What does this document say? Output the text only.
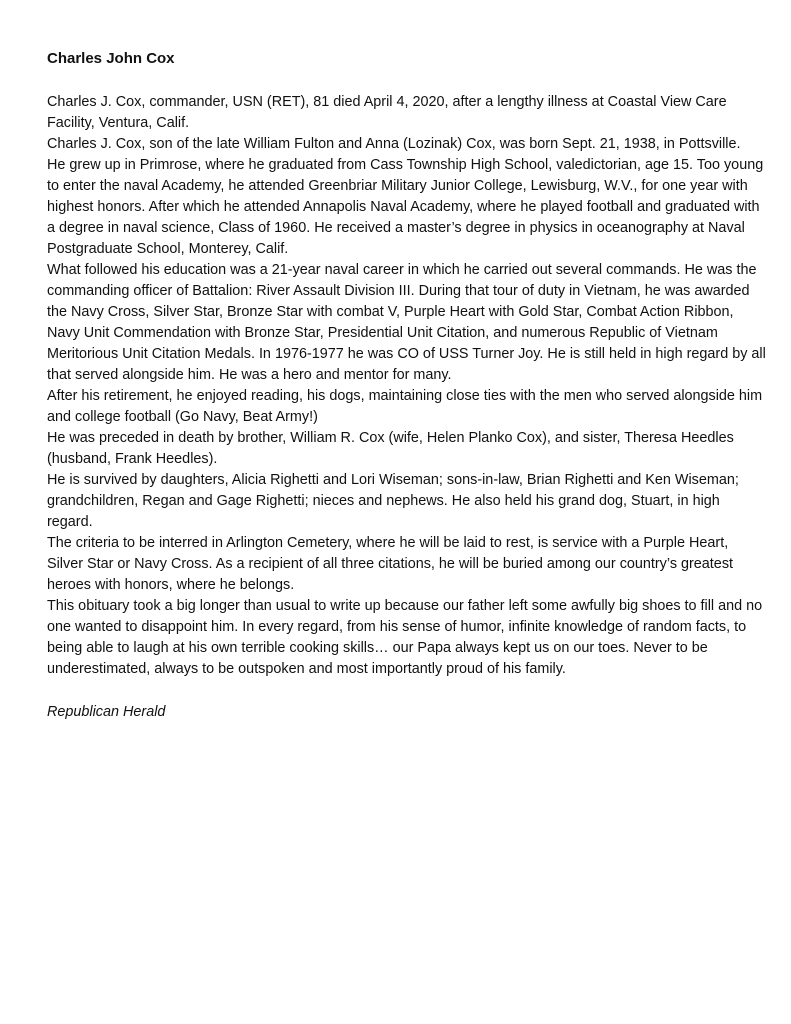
Charles John Cox

Charles J. Cox, commander, USN (RET), 81 died April 4, 2020, after a lengthy illness at Coastal View Care Facility, Ventura, Calif.

Charles J. Cox, son of the late William Fulton and Anna (Lozinak) Cox, was born Sept. 21, 1938, in Pottsville.

He grew up in Primrose, where he graduated from Cass Township High School, valedictorian, age 15. Too young to enter the naval Academy, he attended Greenbriar Military Junior College, Lewisburg, W.V., for one year with highest honors. After which he attended Annapolis Naval Academy, where he played football and graduated with a degree in naval science, Class of 1960. He received a master’s degree in physics in oceanography at Naval Postgraduate School, Monterey, Calif.

What followed his education was a 21-year naval career in which he carried out several commands. He was the commanding officer of Battalion: River Assault Division III. During that tour of duty in Vietnam, he was awarded the Navy Cross, Silver Star, Bronze Star with combat V, Purple Heart with Gold Star, Combat Action Ribbon, Navy Unit Commendation with Bronze Star, Presidential Unit Citation, and numerous Republic of Vietnam Meritorious Unit Citation Medals. In 1976-1977 he was CO of USS Turner Joy. He is still held in high regard by all that served alongside him. He was a hero and mentor for many.

After his retirement, he enjoyed reading, his dogs, maintaining close ties with the men who served alongside him and college football (Go Navy, Beat Army!)

He was preceded in death by brother, William R. Cox (wife, Helen Planko Cox), and sister, Theresa Heedles (husband, Frank Heedles).

He is survived by daughters, Alicia Righetti and Lori Wiseman; sons-in-law, Brian Righetti and Ken Wiseman; grandchildren, Regan and Gage Righetti; nieces and nephews. He also held his grand dog, Stuart, in high regard.

The criteria to be interred in Arlington Cemetery, where he will be laid to rest, is service with a Purple Heart, Silver Star or Navy Cross. As a recipient of all three citations, he will be buried among our country’s greatest heroes with honors, where he belongs.

This obituary took a big longer than usual to write up because our father left some awfully big shoes to fill and no one wanted to disappoint him. In every regard, from his sense of humor, infinite knowledge of random facts, to being able to laugh at his own terrible cooking skills… our Papa always kept us on our toes. Never to be underestimated, always to be outspoken and most importantly proud of his family.

Republican Herald
